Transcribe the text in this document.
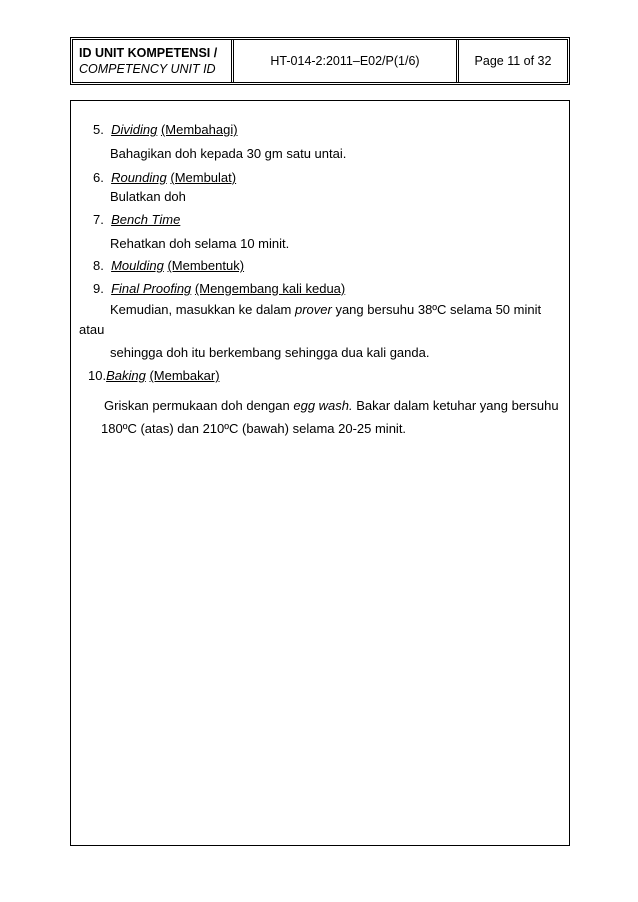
ID UNIT KOMPETENSI /
COMPETENCY UNIT ID
HT-014-2:2011–E02/P(1/6)	Page 11 of 32
5. Dividing (Membahagi)
Bahagikan doh kepada 30 gm satu untai.
6. Rounding (Membulat)
Bulatkan doh
7. Bench Time
Rehatkan doh selama 10 minit.
8. Moulding (Membentuk)
9. Final Proofing (Mengembang kali kedua)
Kemudian, masukkan ke dalam prover yang bersuhu 38ºC selama 50 minit
atau
sehingga doh itu berkembang sehingga dua kali ganda.
10.Baking (Membakar)
Griskan permukaan doh dengan egg wash. Bakar dalam ketuhar yang bersuhu
180ºC (atas) dan 210ºC (bawah) selama 20-25 minit.
